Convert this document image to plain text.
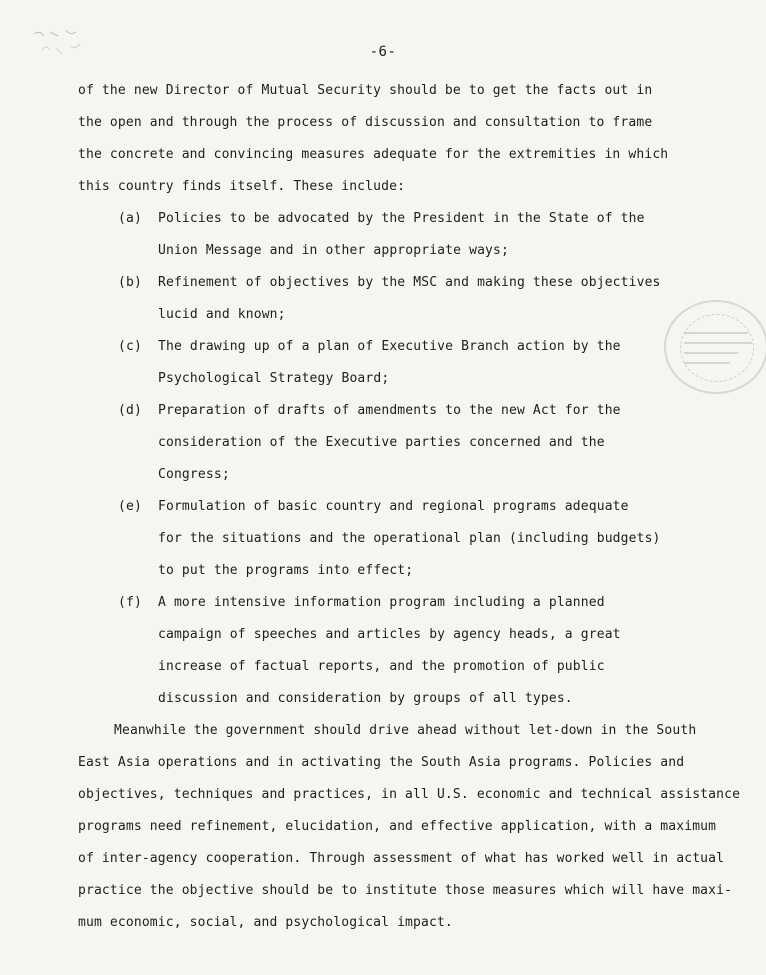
-6-
of the new Director of Mutual Security should be to get the facts out in
the open and through the process of discussion and consultation to frame
the concrete and convincing measures adequate for the extremities in which
this country finds itself. These include:
(a)	Policies to be advocated by the President in the State of the
Union Message and in other appropriate ways;
(b)	Refinement of objectives by the MSC and making these objectives
lucid and known;
(c)	The drawing up of a plan of Executive Branch action by the
Psychological Strategy Board;
(d)	Preparation of drafts of amendments to the new Act for the
consideration of the Executive parties concerned and the
Congress;
(e)	Formulation of basic country and regional programs adequate
for the situations and the operational plan (including budgets)
to put the programs into effect;
(f)	A more intensive information program including a planned
campaign of speeches and articles by agency heads, a great
increase of factual reports, and the promotion of public
discussion and consideration by groups of all types.
Meanwhile the government should drive ahead without let-down in the South
East Asia operations and in activating the South Asia programs. Policies and
objectives, techniques and practices, in all U.S. economic and technical assistance
programs need refinement, elucidation, and effective application, with a maximum
of inter-agency cooperation. Through assessment of what has worked well in actual
practice the objective should be to institute those measures which will have maxi-
mum economic, social, and psychological impact.
